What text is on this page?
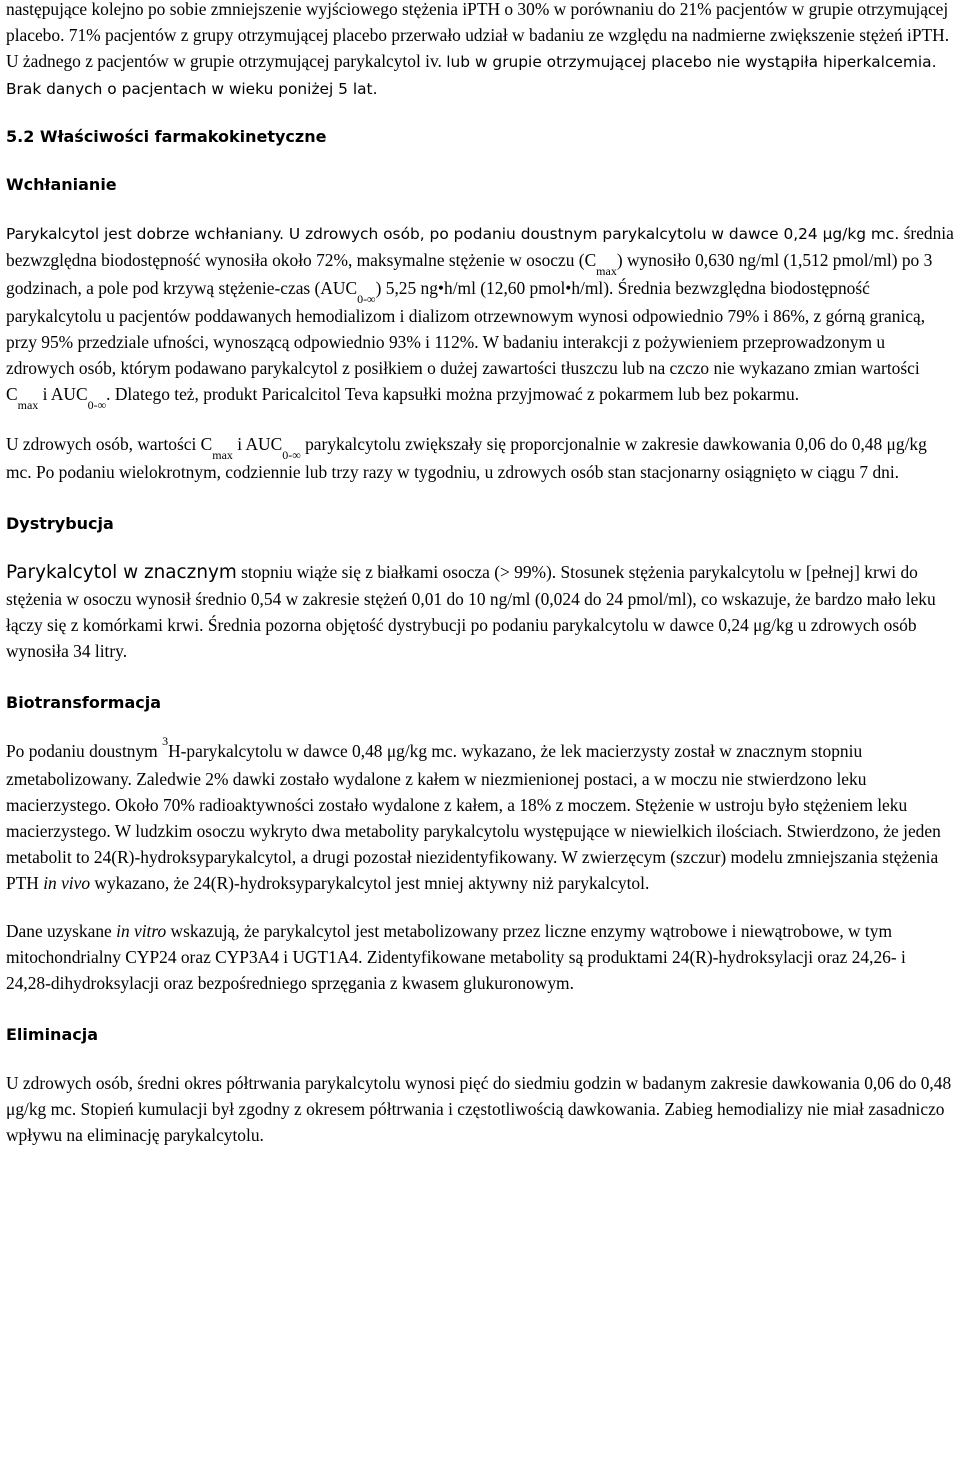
następujące kolejno po sobie zmniejszenie wyjściowego stężenia iPTH o 30% w porównaniu do 21% pacjentów w grupie otrzymującej placebo. 71% pacjentów z grupy otrzymującej placebo przerwało udział w badaniu ze względu na nadmierne zwiększenie stężeń iPTH. U żadnego z pacjentów w grupie otrzymującej parykalcytol iv. lub w grupie otrzymującej placebo nie wystąpiła hiperkalcemia. Brak danych o pacjentach w wieku poniżej 5 lat.

5.2 Właściwości farmakokinetyczne

Wchłanianie

Parykalcytol jest dobrze wchłaniany. U zdrowych osób, po podaniu doustnym parykalcytolu w dawce 0,24 μg/kg mc. średnia bezwzględna biodostępność wynosiła około 72%, maksymalne stężenie w osoczu $(C_{max})$ wynosiło 0,630 ng/ml (1,512 pmol/ml) po 3 godzinach, a pole pod krzywą stężenie-czas $(AUC_{0-\infty})$ 5,25 ng•h/ml (12,60 pmol•h/ml). Średnia bezwzględna biodostępność parykalcytolu u pacjentów poddawanych hemodializom i dializom otrzewnowym wynosi odpowiednio 79% i 86%, z górną granicą, przy 95% przedziale ufności, wynoszącą odpowiednio 93% i 112%. W badaniu interakcji z pożywieniem przeprowadzonym u zdrowych osób, którym podawano parykalcytol z posiłkiem o dużej zawartości tłuszczu lub na czczo nie wykazano zmian wartości $C_{max}$ i $AUC_{0-\infty}$. Dlatego też, produkt Paricalcitol Teva kapsułki można przyjmować z pokarmem lub bez pokarmu.

U zdrowych osób, wartości $C_{max}$ i $AUC_{0-\infty}$ parykalcytolu zwiększały się proporcjonalnie w zakresie dawkowania 0,06 do 0,48 μg/kg mc. Po podaniu wielokrotnym, codziennie lub trzy razy w tygodniu, u zdrowych osób stan stacjonarny osiągnięto w ciągu 7 dni.

Dystrybucja

Parykalcytol w znacznym stopniu wiąże się z białkami osocza (> 99%). Stosunek stężenia parykalcytolu w [pełnej] krwi do stężenia w osoczu wynosił średnio 0,54 w zakresie stężeń 0,01 do 10 ng/ml (0,024 do 24 pmol/ml), co wskazuje, że bardzo mało leku łączy się z komórkami krwi. Średnia pozorna objętość dystrybucji po podaniu parykalcytolu w dawce 0,24 μg/kg u zdrowych osób wynosiła 34 litry.

Biotransformacja

Po podaniu doustnym $^3$H-parykalcytolu w dawce 0,48 μg/kg mc. wykazano, że lek macierzysty został w znacznym stopniu zmetabolizowany. Zaledwie 2% dawki zostało wydalone z kałem w niezmienionej postaci, a w moczu nie stwierdzono leku macierzystego. Około 70% radioaktywności zostało wydalone z kałem, a 18% z moczem. Stężenie w ustroju było stężeniem leku macierzystego. W ludzkim osoczu wykryto dwa metabolity parykalcytolu występujące w niewielkich ilościach. Stwierdzono, że jeden metabolit to 24(R)-hydroksyparykalcytol, a drugi pozostał niezidentyfikowany. W zwierzęcym (szczur) modelu zmniejszania stężenia PTH in vivo wykazano, że 24(R)-hydroksyparykalcytol jest mniej aktywny niż parykalcytol.

Dane uzyskane in vitro wskazują, że parykalcytol jest metabolizowany przez liczne enzymy wątrobowe i niewątrobowe, w tym mitochondrialny CYP24 oraz CYP3A4 i UGT1A4. Zidentyfikowane metabolity są produktami 24(R)-hydroksylacji oraz 24,26- i 24,28-dihydroksylacji oraz bezpośredniego sprzęgania z kwasem glukuronowym.

Eliminacja

U zdrowych osób, średni okres półtrwania parykalcytolu wynosi pięć do siedmiu godzin w badanym zakresie dawkowania 0,06 do 0,48 μg/kg mc. Stopień kumulacji był zgodny z okresem półtrwania i częstotliwością dawkowania. Zabieg hemodializy nie miał zasadniczo wpływu na eliminację parykalcytolu.
